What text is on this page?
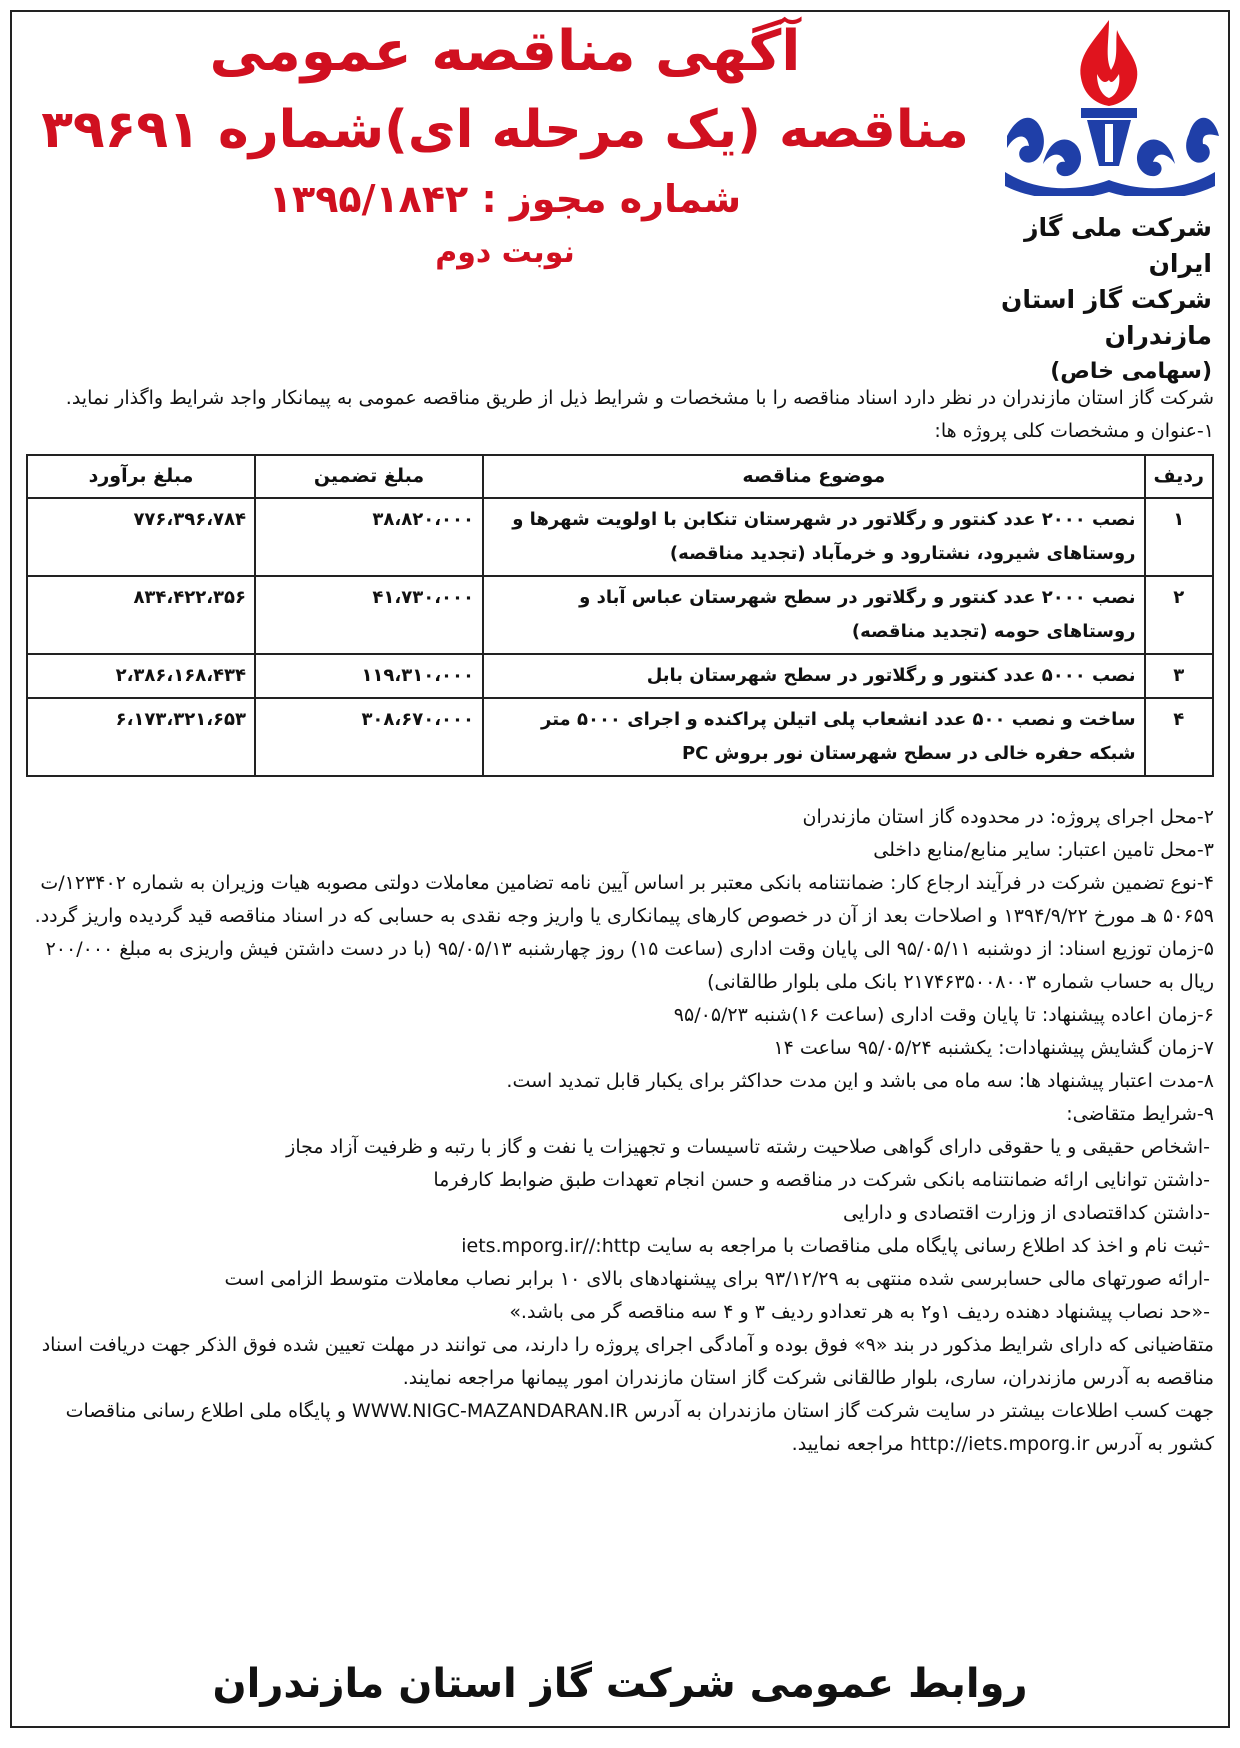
شرکت ملی گاز ایران
شرکت گاز استان مازندران
(سهامی خاص)
آگهی مناقصه عمومی
مناقصه (یک مرحله ای)شماره ۳۹۶۹۱
شماره مجوز : ۱۳۹۵/۱۸۴۲
نوبت دوم

شرکت گاز استان مازندران در نظر دارد اسناد مناقصه را با مشخصات و شرایط ذیل از طریق مناقصه عمومی به پیمانکار واجد شرایط واگذار نماید.

۱-عنوان و مشخصات کلی پروژه ها:

ردیف	موضوع مناقصه	مبلغ تضمین	مبلغ برآورد
۱	نصب ۲۰۰۰ عدد کنتور و رگلاتور در شهرستان تنکابن با اولویت شهرها و روستاهای شیرود، نشتارود و خرمآباد (تجدید مناقصه)	۳۸،۸۲۰،۰۰۰	۷۷۶،۳۹۶،۷۸۴
۲	نصب ۲۰۰۰ عدد کنتور و رگلاتور در سطح شهرستان عباس آباد و روستاهای حومه (تجدید مناقصه)	۴۱،۷۳۰،۰۰۰	۸۳۴،۴۲۲،۳۵۶
۳	نصب ۵۰۰۰ عدد کنتور و رگلاتور در سطح شهرستان بابل	۱۱۹،۳۱۰،۰۰۰	۲،۳۸۶،۱۶۸،۴۳۴
۴	ساخت و نصب ۵۰۰ عدد انشعاب پلی اتیلن پراکنده و اجرای ۵۰۰۰ متر شبکه حفره خالی در سطح شهرستان نور بروش PC	۳۰۸،۶۷۰،۰۰۰	۶،۱۷۳،۳۲۱،۶۵۳

۲-محل اجرای پروژه: در محدوده گاز استان مازندران

۳-محل تامین اعتبار: سایر منابع/منابع داخلی

۴-نوع تضمین شرکت در فرآیند ارجاع کار: ضمانتنامه بانکی معتبر بر اساس آیین نامه تضامین معاملات دولتی مصوبه هیات وزیران به شماره ۱۲۳۴۰۲/ت ۵۰۶۵۹ هـ مورخ ۱۳۹۴/۹/۲۲ و اصلاحات بعد از آن در خصوص کارهای پیمانکاری یا واریز وجه نقدی به حسابی که در اسناد مناقصه قید گردیده واریز گردد.

۵-زمان توزیع اسناد: از دوشنبه ۹۵/۰۵/۱۱ الی پایان وقت اداری (ساعت ۱۵) روز چهارشنبه ۹۵/۰۵/۱۳ (با در دست داشتن فیش واریزی به مبلغ ۲۰۰/۰۰۰ ریال به حساب شماره ۲۱۷۴۶۳۵۰۰۸۰۰۳ بانک ملی بلوار طالقانی)

۶-زمان اعاده پیشنهاد: تا پایان وقت اداری (ساعت ۱۶)شنبه ۹۵/۰۵/۲۳

۷-زمان گشایش پیشنهادات: یکشنبه ۹۵/۰۵/۲۴ ساعت ۱۴

۸-مدت اعتبار پیشنهاد ها: سه ماه می باشد و این مدت حداکثر برای یکبار قابل تمدید است.

۹-شرایط متقاضی:

-اشخاص حقیقی و یا حقوقی دارای گواهی صلاحیت رشته تاسیسات و تجهیزات یا نفت و گاز با رتبه و ظرفیت آزاد مجاز

-داشتن توانایی ارائه ضمانتنامه بانکی شرکت در مناقصه و حسن انجام تعهدات طبق ضوابط کارفرما

-داشتن کداقتصادی از وزارت اقتصادی و دارایی

-ثبت نام و اخذ کد اطلاع رسانی پایگاه ملی مناقصات با مراجعه به سایت iets.mporg.ir//:http

-ارائه صورتهای مالی حسابرسی شده منتهی به ۹۳/۱۲/۲۹ برای پیشنهادهای بالای ۱۰ برابر نصاب معاملات متوسط الزامی است

-«حد نصاب پیشنهاد دهنده ردیف ۱و۲ به هر تعدادو ردیف ۳ و ۴ سه مناقصه گر می باشد.»

متقاضیانی که دارای شرایط مذکور در بند «۹» فوق بوده و آمادگی اجرای پروژه را دارند، می توانند در مهلت تعیین شده فوق الذکر جهت دریافت اسناد مناقصه به آدرس مازندران، ساری، بلوار طالقانی شرکت گاز استان مازندران امور پیمانها مراجعه نمایند.

جهت کسب اطلاعات بیشتر در سایت شرکت گاز استان مازندران به آدرس WWW.NIGC-MAZANDARAN.IR و پایگاه ملی اطلاع رسانی مناقصات کشور به آدرس http://iets.mporg.ir مراجعه نمایید.

روابط عمومی شرکت گاز استان مازندران
